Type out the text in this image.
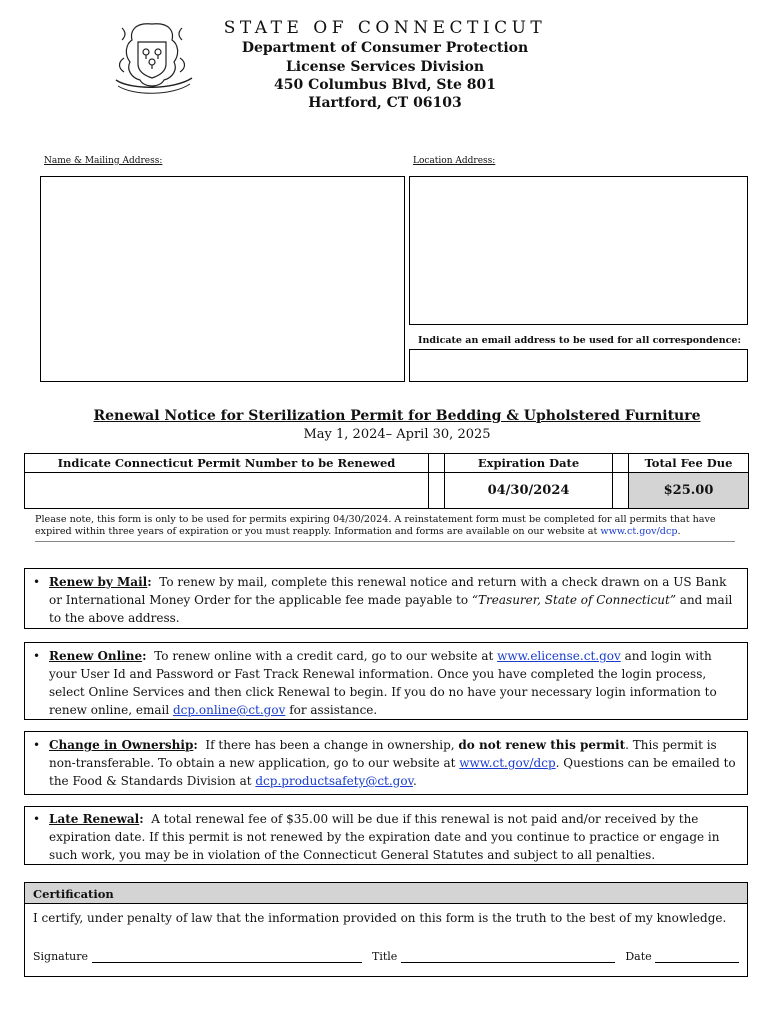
STATE OF CONNECTICUT
Department of Consumer Protection
License Services Division
450 Columbus Blvd, Ste 801
Hartford, CT 06103
Name & Mailing Address:	Location Address:
Indicate an email address to be used for all correspondence:
Renewal Notice for Sterilization Permit for Bedding & Upholstered Furniture
May 1, 2024– April 30, 2025
Indicate Connecticut Permit Number to be Renewed		Expiration Date		Total Fee Due
		04/30/2024		$25.00
Please note, this form is only to be used for permits expiring 04/30/2024. A reinstatement form must be completed for all permits that have expired within three years of expiration or you must reapply. Information and forms are available on our website at www.ct.gov/dcp.
• Renew by Mail: To renew by mail, complete this renewal notice and return with a check drawn on a US Bank or International Money Order for the applicable fee made payable to “Treasurer, State of Connecticut” and mail to the above address.
• Renew Online: To renew online with a credit card, go to our website at www.elicense.ct.gov and login with your User Id and Password or Fast Track Renewal information. Once you have completed the login process, select Online Services and then click Renewal to begin. If you do no have your necessary login information to renew online, email dcp.online@ct.gov for assistance.
• Change in Ownership: If there has been a change in ownership, do not renew this permit. This permit is non-transferable. To obtain a new application, go to our website at www.ct.gov/dcp. Questions can be emailed to the Food & Standards Division at dcp.productsafety@ct.gov.
• Late Renewal: A total renewal fee of $35.00 will be due if this renewal is not paid and/or received by the expiration date. If this permit is not renewed by the expiration date and you continue to practice or engage in such work, you may be in violation of the Connecticut General Statutes and subject to all penalties.
Certification
I certify, under penalty of law that the information provided on this form is the truth to the best of my knowledge.
Signature	Title	Date
